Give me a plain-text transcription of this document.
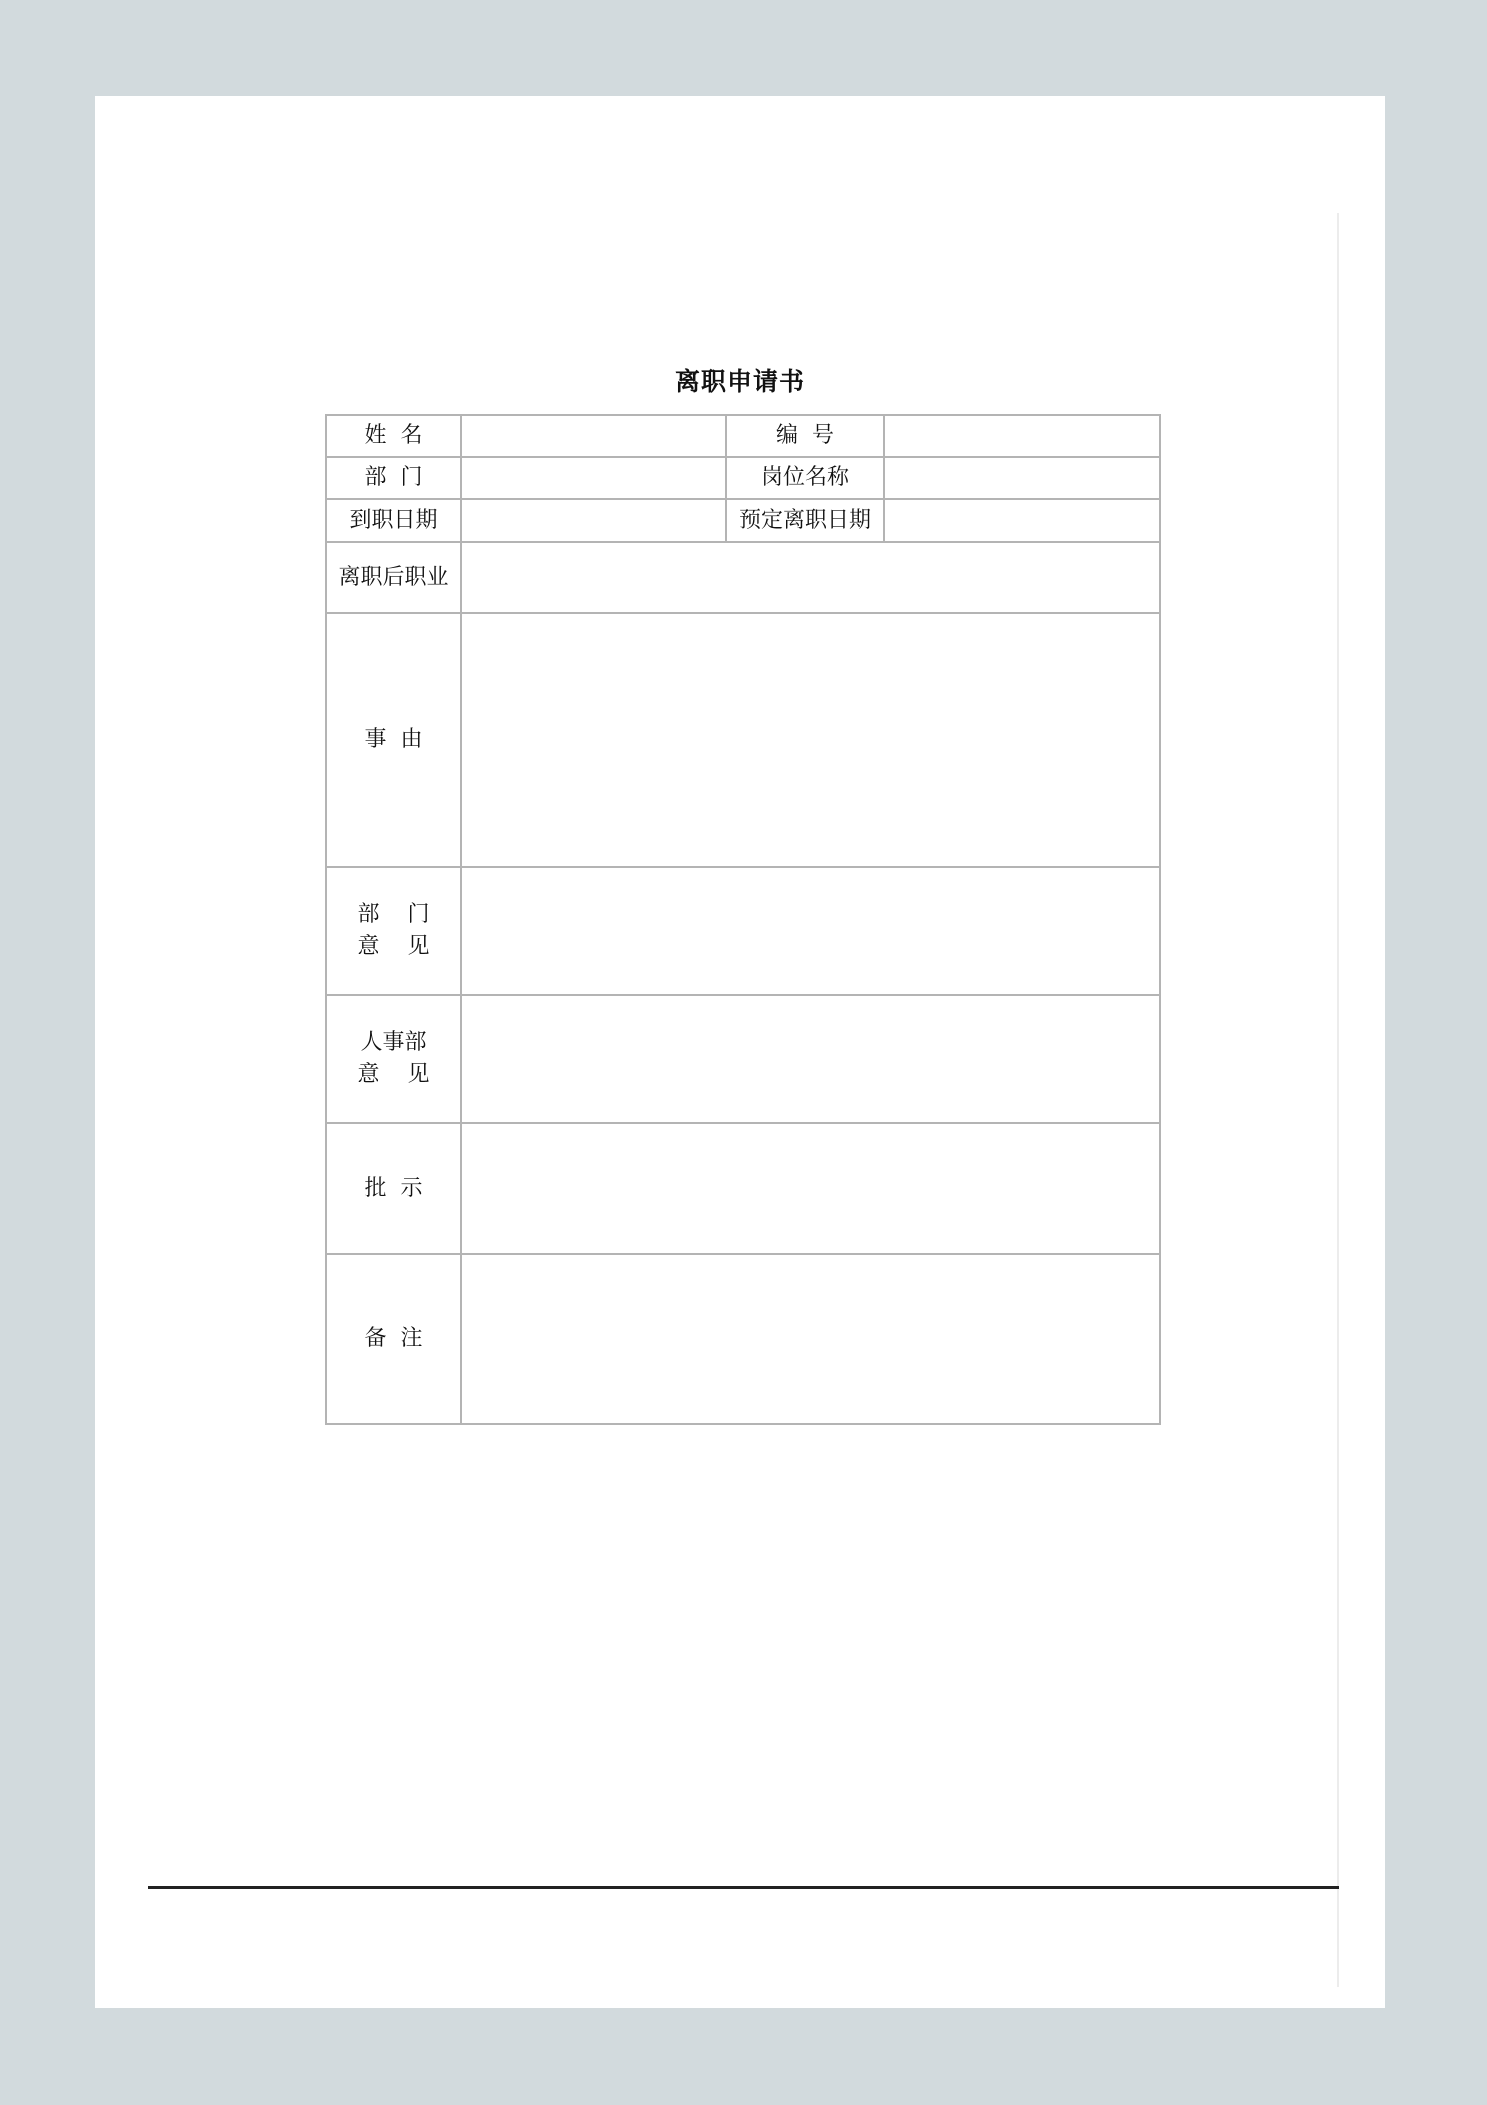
离职申请书
姓  名		编  号	
部  门		岗位名称	
到职日期		预定离职日期	
离职后职业			
事  由			

部    门
意    见			

人事部
意    见			

批  示			
备  注			
